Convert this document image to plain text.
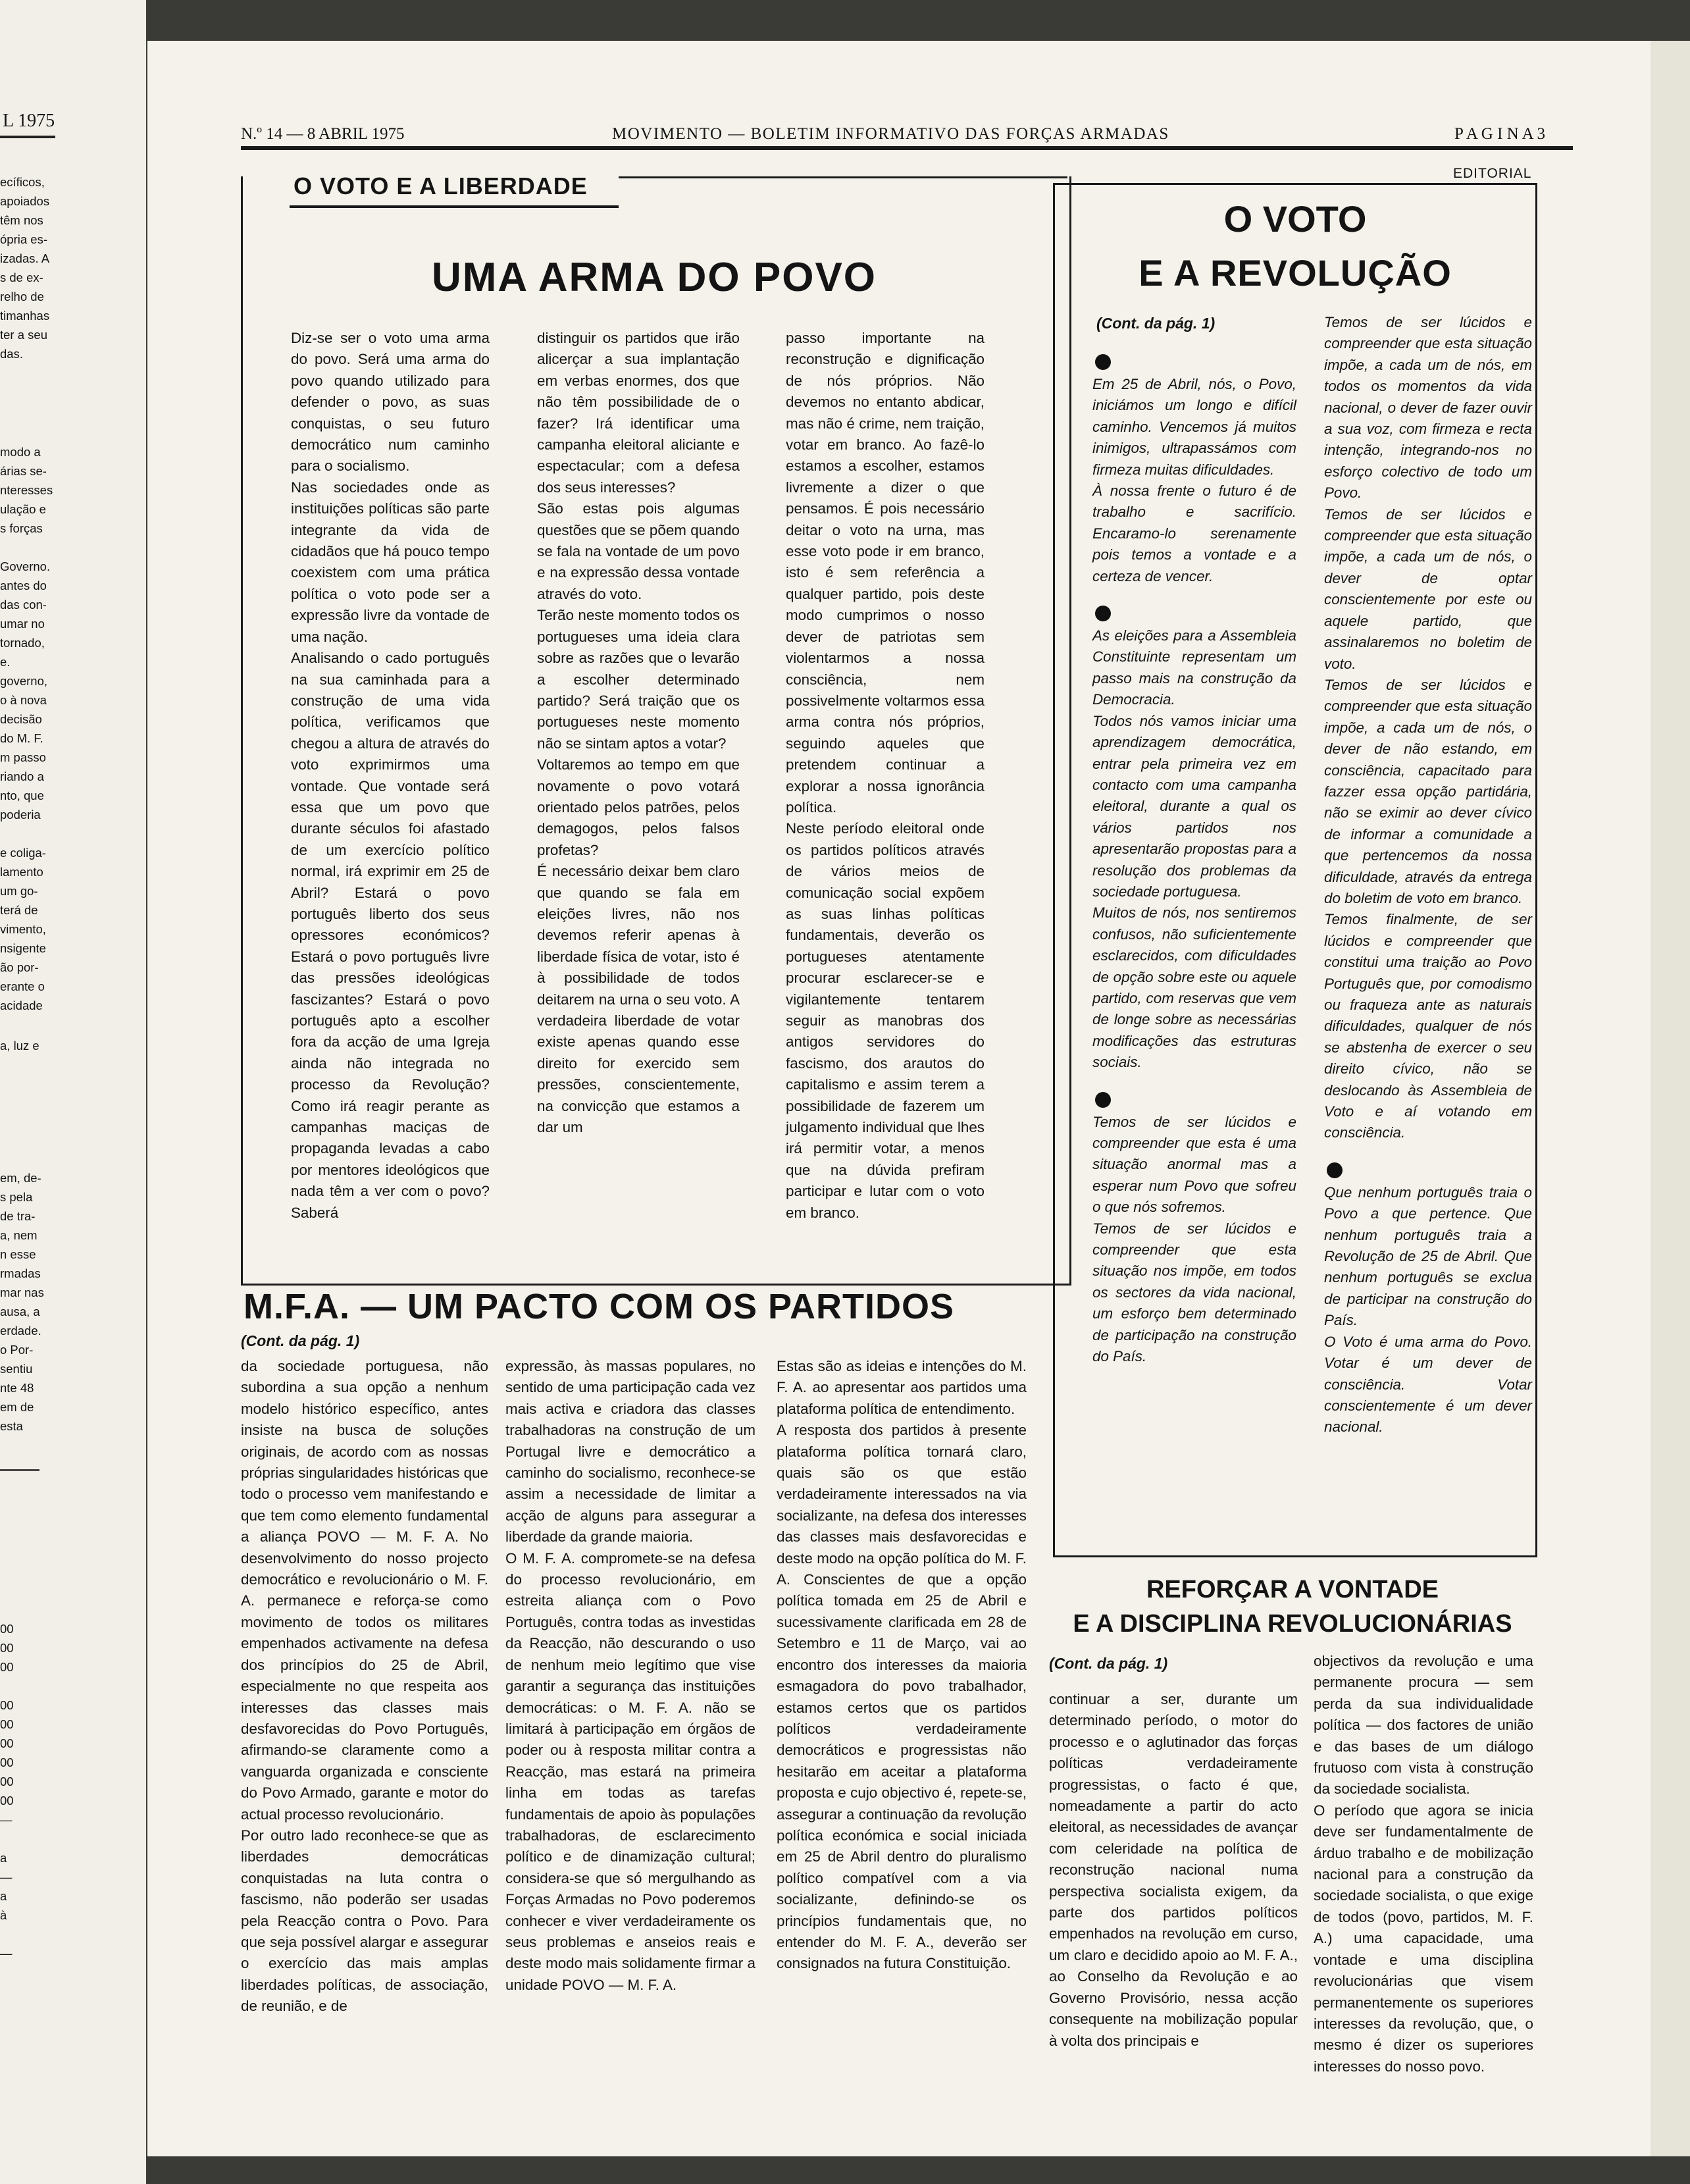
L 1975
ecíficos,
apoiados
têm nos
ópria es-
izadas. A
s de ex-
relho de
timanhas
ter a seu
das.
modo a
árias se-
nteresses
ulação e
s forças
Governo.
antes do
das con-
umar no
tornado,
e.
governo,
o à nova
decisão
do M. F.
m passo
riando a
nto, que
poderia
e coliga-
lamento
um go-
terá de
vimento,
nsigente
ão por-
erante o
acidade
a, luz e
em, de-
s pela
de tra-
a, nem
n esse
rmadas
mar nas
ausa, a
erdade.
o Por-
sentiu
nte 48
em de
esta
00
00
00
00
00
00
00
00
00
—
a
—
a
à
—
N.º 14 — 8 ABRIL 1975	MOVIMENTO — BOLETIM INFORMATIVO DAS FORÇAS ARMADAS	P A G I N A 3
O VOTO E A LIBERDADE
UMA ARMA DO POVO

Diz-se ser o voto uma arma do povo. Será uma arma do povo quando utilizado para defender o povo, as suas conquistas, o seu futuro democrático num caminho para o socialismo.

Nas sociedades onde as instituições políticas são parte integrante da vida de cidadãos que há pouco tempo coexistem com uma prática política o voto pode ser a expressão livre da vontade de uma nação.

Analisando o cado português na sua caminhada para a construção de uma vida política, verificamos que chegou a altura de através do voto exprimirmos uma vontade. Que vontade será essa que um povo que durante séculos foi afastado de um exercício político normal, irá exprimir em 25 de Abril? Estará o povo português liberto dos seus opressores económicos? Estará o povo português livre das pressões ideológicas fascizantes? Estará o povo português apto a escolher fora da acção de uma Igreja ainda não integrada no processo da Revolução? Como irá reagir perante as campanhas maciças de propaganda levadas a cabo por mentores ideológicos que nada têm a ver com o povo? Saberá

distinguir os partidos que irão alicerçar a sua implantação em verbas enormes, dos que não têm possibilidade de o fazer? Irá identificar uma campanha eleitoral aliciante e espectacular; com a defesa dos seus interesses?

São estas pois algumas questões que se põem quando se fala na vontade de um povo e na expressão dessa vontade através do voto.

Terão neste momento todos os portugueses uma ideia clara sobre as razões que o levarão a escolher determinado partido? Será traição que os portugueses neste momento não se sintam aptos a votar?

Voltaremos ao tempo em que novamente o povo votará orientado pelos patrões, pelos demagogos, pelos falsos profetas?

É necessário deixar bem claro que quando se fala em eleições livres, não nos devemos referir apenas à liberdade física de votar, isto é à possibilidade de todos deitarem na urna o seu voto. A verdadeira liberdade de votar existe apenas quando esse direito for exercido sem pressões, conscientemente, na convicção que estamos a dar um

passo importante na reconstrução e dignificação de nós próprios. Não devemos no entanto abdicar, mas não é crime, nem traição, votar em branco. Ao fazê-lo estamos a escolher, estamos livremente a dizer o que pensamos. É pois necessário deitar o voto na urna, mas esse voto pode ir em branco, isto é sem referência a qualquer partido, pois deste modo cumprimos o nosso dever de patriotas sem violentarmos a nossa consciência, nem possivelmente voltarmos essa arma contra nós próprios, seguindo aqueles que pretendem continuar a explorar a nossa ignorância política.

Neste período eleitoral onde os partidos políticos através de vários meios de comunicação social expõem as suas linhas políticas fundamentais, deverão os portugueses atentamente procurar esclarecer-se e vigilantemente tentarem seguir as manobras dos antigos servidores do fascismo, dos arautos do capitalismo e assim terem a possibilidade de fazerem um julgamento individual que lhes irá permitir votar, a menos que na dúvida prefiram participar e lutar com o voto em branco.

EDITORIAL
O VOTO
E A REVOLUÇÃO
(Cont. da pág. 1)

Em 25 de Abril, nós, o Povo, iniciámos um longo e difícil caminho. Vencemos já muitos inimigos, ultrapassámos com firmeza muitas dificuldades.

À nossa frente o futuro é de trabalho e sacrifício. Encaramo-lo serenamente pois temos a vontade e a certeza de vencer.

As eleições para a Assembleia Constituinte representam um passo mais na construção da Democracia.

Todos nós vamos iniciar uma aprendizagem democrática, entrar pela primeira vez em contacto com uma campanha eleitoral, durante a qual os vários partidos nos apresentarão propostas para a resolução dos problemas da sociedade portuguesa.

Muitos de nós, nos sentiremos confusos, não suficientemente esclarecidos, com dificuldades de opção sobre este ou aquele partido, com reservas que vem de longe sobre as necessárias modificações das estruturas sociais.

Temos de ser lúcidos e compreender que esta é uma situação anormal mas a esperar num Povo que sofreu o que nós sofremos.

Temos de ser lúcidos e compreender que esta situação nos impõe, em todos os sectores da vida nacional, um esforço bem determinado de participação na construção do País.

Temos de ser lúcidos e compreender que esta situação impõe, a cada um de nós, em todos os momentos da vida nacional, o dever de fazer ouvir a sua voz, com firmeza e recta intenção, integrando-nos no esforço colectivo de todo um Povo.

Temos de ser lúcidos e compreender que esta situação impõe, a cada um de nós, o dever de optar conscientemente por este ou aquele partido, que assinalaremos no boletim de voto.

Temos de ser lúcidos e compreender que esta situação impõe, a cada um de nós, o dever de não estando, em consciência, capacitado para fazzer essa opção partidária, não se eximir ao dever cívico de informar a comunidade a que pertencemos da nossa dificuldade, através da entrega do boletim de voto em branco.

Temos finalmente, de ser lúcidos e compreender que constitui uma traição ao Povo Português que, por comodismo ou fraqueza ante as naturais dificuldades, qualquer de nós se abstenha de exercer o seu direito cívico, não se deslocando às Assembleia de Voto e aí votando em consciência.

Que nenhum português traia o Povo a que pertence. Que nenhum português traia a Revolução de 25 de Abril. Que nenhum português se exclua de participar na construção do País.

O Voto é uma arma do Povo. Votar é um dever de consciência. Votar conscientemente é um dever nacional.

M.F.A. — UM PACTO COM OS PARTIDOS
(Cont. da pág. 1)

da sociedade portuguesa, não subordina a sua opção a nenhum modelo histórico específico, antes insiste na busca de soluções originais, de acordo com as nossas próprias singularidades históricas que todo o processo vem manifestando e que tem como elemento fundamental a aliança POVO — M. F. A. No desenvolvimento do nosso projecto democrático e revolucionário o M. F. A. permanece e reforça-se como movimento de todos os militares empenhados activamente na defesa dos princípios do 25 de Abril, especialmente no que respeita aos interesses das classes mais desfavorecidas do Povo Português, afirmando-se claramente como a vanguarda organizada e consciente do Povo Armado, garante e motor do actual processo revolucionário.

Por outro lado reconhece-se que as liberdades democráticas conquistadas na luta contra o fascismo, não poderão ser usadas pela Reacção contra o Povo. Para que seja possível alargar e assegurar o exercício das mais amplas liberdades políticas, de associação, de reunião, e de

expressão, às massas populares, no sentido de uma participação cada vez mais activa e criadora das classes trabalhadoras na construção de um Portugal livre e democrático a caminho do socialismo, reconhece-se assim a necessidade de limitar a acção de alguns para assegurar a liberdade da grande maioria.

O M. F. A. compromete-se na defesa do processo revolucionário, em estreita aliança com o Povo Português, contra todas as investidas da Reacção, não descurando o uso de nenhum meio legítimo que vise garantir a segurança das instituições democráticas: o M. F. A. não se limitará à participação em órgãos de poder ou à resposta militar contra a Reacção, mas estará na primeira linha em todas as tarefas fundamentais de apoio às populações trabalhadoras, de esclarecimento político e de dinamização cultural; considera-se que só mergulhando as Forças Armadas no Povo poderemos conhecer e viver verdadeiramente os seus problemas e anseios reais e deste modo mais solidamente firmar a unidade POVO — M. F. A.

Estas são as ideias e intenções do M. F. A. ao apresentar aos partidos uma plataforma política de entendimento.

A resposta dos partidos à presente plataforma política tornará claro, quais são os que estão verdadeiramente interessados na via socializante, na defesa dos interesses das classes mais desfavorecidas e deste modo na opção política do M. F. A. Conscientes de que a opção política tomada em 25 de Abril e sucessivamente clarificada em 28 de Setembro e 11 de Março, vai ao encontro dos interesses da maioria esmagadora do povo trabalhador, estamos certos que os partidos políticos verdadeiramente democráticos e progressistas não hesitarão em aceitar a plataforma proposta e cujo objectivo é, repete-se, assegurar a continuação da revolução política económica e social iniciada em 25 de Abril dentro do pluralismo político compatível com a via socializante, definindo-se os princípios fundamentais que, no entender do M. F. A., deverão ser consignados na futura Constituição.

REFORÇAR A VONTADE
E A DISCIPLINA REVOLUCIONÁRIAS
(Cont. da pág. 1)

continuar a ser, durante um determinado período, o motor do processo e o aglutinador das forças políticas verdadeiramente progressistas, o facto é que, nomeadamente a partir do acto eleitoral, as necessidades de avançar com celeridade na política de reconstrução nacional numa perspectiva socialista exigem, da parte dos partidos políticos empenhados na revolução em curso, um claro e decidido apoio ao M. F. A., ao Conselho da Revolução e ao Governo Provisório, nessa acção consequente na mobilização popular à volta dos principais e

objectivos da revolução e uma permanente procura — sem perda da sua individualidade política — dos factores de união e das bases de um diálogo frutuoso com vista à construção da sociedade socialista.

O período que agora se inicia deve ser fundamentalmente de árduo trabalho e de mobilização nacional para a construção da sociedade socialista, o que exige de todos (povo, partidos, M. F. A.) uma capacidade, uma vontade e uma disciplina revolucionárias que visem permanentemente os superiores interesses da revolução, que, o mesmo é dizer os superiores interesses do nosso povo.
